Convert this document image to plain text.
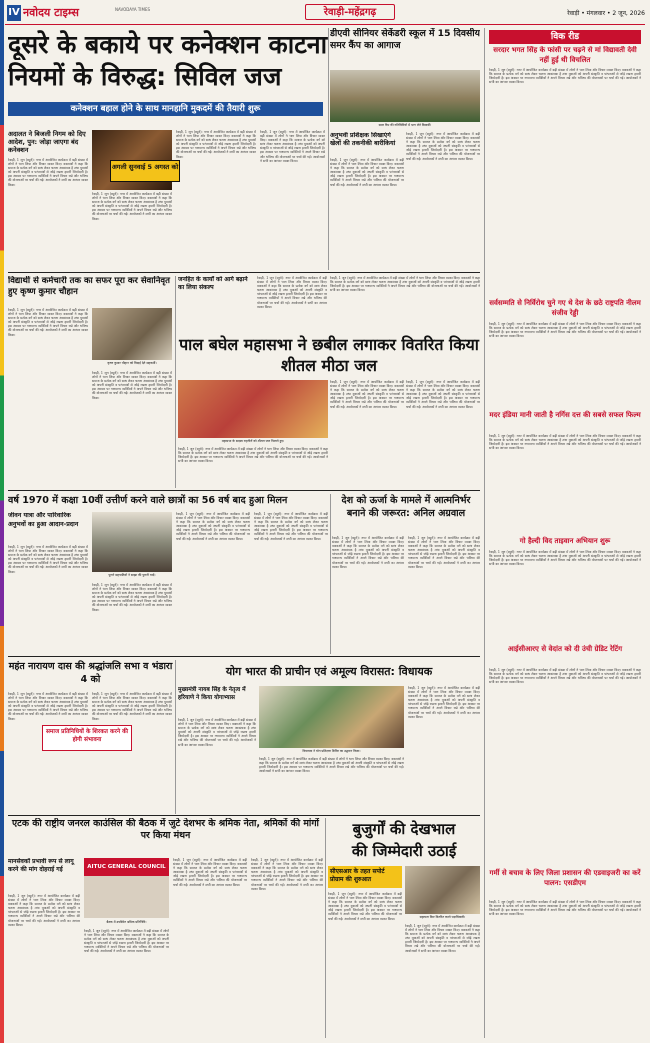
IV नवोदय टाइम्स	NAVODAYA TIMES	रेवाड़ी-महेंद्रगढ़	रेवाड़ी • मंगलवार • 2 जून, 2026
दूसरे के बकाये पर कनेक्शन काटना
नियमों के विरुद्ध: सिविल जज
कनेक्शन बहाल होने के साथ मानहानि मुकदमें की तैयारी शुरू
अदालत ने बिजली निगम को दिए आदेश, पुन: जोड़ा जाएगा बंद कनेक्शन
रेवाड़ी, 1 जून (ब्यूरो): नगर में आयोजित कार्यक्रम में बड़ी संख्या में लोगों ने भाग लिया और विचार व्यक्त किए। वक्ताओं ने कहा कि समाज के प्रत्येक वर्ग को साथ लेकर चलना आवश्यक है तथा युवाओं को अपनी संस्कृति व परंपराओं से जोड़े रखना हमारी जिम्मेदारी है। इस अवसर पर गणमान्य व्यक्तियों ने अपने विचार रखे और भविष्य की योजनाओं पर चर्चा की गई। आयोजकों ने सभी का आभार व्यक्त किया।
अगली सुनवाई 5 अगस्त को
रेवाड़ी, 1 जून (ब्यूरो): नगर में आयोजित कार्यक्रम में बड़ी संख्या में लोगों ने भाग लिया और विचार व्यक्त किए। वक्ताओं ने कहा कि समाज के प्रत्येक वर्ग को साथ लेकर चलना आवश्यक है तथा युवाओं को अपनी संस्कृति व परंपराओं से जोड़े रखना हमारी जिम्मेदारी है। इस अवसर पर गणमान्य व्यक्तियों ने अपने विचार रखे और भविष्य की योजनाओं पर चर्चा की गई। आयोजकों ने सभी का आभार व्यक्त किया।
रेवाड़ी, 1 जून (ब्यूरो): नगर में आयोजित कार्यक्रम में बड़ी संख्या में लोगों ने भाग लिया और विचार व्यक्त किए। वक्ताओं ने कहा कि समाज के प्रत्येक वर्ग को साथ लेकर चलना आवश्यक है तथा युवाओं को अपनी संस्कृति व परंपराओं से जोड़े रखना हमारी जिम्मेदारी है। इस अवसर पर गणमान्य व्यक्तियों ने अपने विचार रखे और भविष्य की योजनाओं पर चर्चा की गई। आयोजकों ने सभी का आभार व्यक्त किया।
रेवाड़ी, 1 जून (ब्यूरो): नगर में आयोजित कार्यक्रम में बड़ी संख्या में लोगों ने भाग लिया और विचार व्यक्त किए। वक्ताओं ने कहा कि समाज के प्रत्येक वर्ग को साथ लेकर चलना आवश्यक है तथा युवाओं को अपनी संस्कृति व परंपराओं से जोड़े रखना हमारी जिम्मेदारी है। इस अवसर पर गणमान्य व्यक्तियों ने अपने विचार रखे और भविष्य की योजनाओं पर चर्चा की गई। आयोजकों ने सभी का आभार व्यक्त किया।
डीएवी सीनियर सेकेंडरी स्कूल में 15 दिवसीय समर कैंप का आगाज
समर कैंप की गतिविधियों में भाग लेते विद्यार्थी।
अनुभवी प्रशिक्षक सिखाएंगे खेलों की तकनीकी बारीकियां
रेवाड़ी, 1 जून (ब्यूरो): नगर में आयोजित कार्यक्रम में बड़ी संख्या में लोगों ने भाग लिया और विचार व्यक्त किए। वक्ताओं ने कहा कि समाज के प्रत्येक वर्ग को साथ लेकर चलना आवश्यक है तथा युवाओं को अपनी संस्कृति व परंपराओं से जोड़े रखना हमारी जिम्मेदारी है। इस अवसर पर गणमान्य व्यक्तियों ने अपने विचार रखे और भविष्य की योजनाओं पर चर्चा की गई। आयोजकों ने सभी का आभार व्यक्त किया।
रेवाड़ी, 1 जून (ब्यूरो): नगर में आयोजित कार्यक्रम में बड़ी संख्या में लोगों ने भाग लिया और विचार व्यक्त किए। वक्ताओं ने कहा कि समाज के प्रत्येक वर्ग को साथ लेकर चलना आवश्यक है तथा युवाओं को अपनी संस्कृति व परंपराओं से जोड़े रखना हमारी जिम्मेदारी है। इस अवसर पर गणमान्य व्यक्तियों ने अपने विचार रखे और भविष्य की योजनाओं पर चर्चा की गई। आयोजकों ने सभी का आभार व्यक्त किया।
विक रीड
सरदार भगत सिंह के फांसी पर चढ़ने से मां विद्यावती देवी नहीं हुई थी विचलित
रेवाड़ी, 1 जून (ब्यूरो): नगर में आयोजित कार्यक्रम में बड़ी संख्या में लोगों ने भाग लिया और विचार व्यक्त किए। वक्ताओं ने कहा कि समाज के प्रत्येक वर्ग को साथ लेकर चलना आवश्यक है तथा युवाओं को अपनी संस्कृति व परंपराओं से जोड़े रखना हमारी जिम्मेदारी है। इस अवसर पर गणमान्य व्यक्तियों ने अपने विचार रखे और भविष्य की योजनाओं पर चर्चा की गई। आयोजकों ने सभी का आभार व्यक्त किया।
सर्वसम्मति से निर्विरोध चुने गए थे देश के छठे राष्ट्रपति नीलम संजीव रेड्डी
रेवाड़ी, 1 जून (ब्यूरो): नगर में आयोजित कार्यक्रम में बड़ी संख्या में लोगों ने भाग लिया और विचार व्यक्त किए। वक्ताओं ने कहा कि समाज के प्रत्येक वर्ग को साथ लेकर चलना आवश्यक है तथा युवाओं को अपनी संस्कृति व परंपराओं से जोड़े रखना हमारी जिम्मेदारी है। इस अवसर पर गणमान्य व्यक्तियों ने अपने विचार रखे और भविष्य की योजनाओं पर चर्चा की गई। आयोजकों ने सभी का आभार व्यक्त किया।
मदर इंडिया मानी जाती है नर्गिस दत्त की सबसे सफल फिल्म
रेवाड़ी, 1 जून (ब्यूरो): नगर में आयोजित कार्यक्रम में बड़ी संख्या में लोगों ने भाग लिया और विचार व्यक्त किए। वक्ताओं ने कहा कि समाज के प्रत्येक वर्ग को साथ लेकर चलना आवश्यक है तथा युवाओं को अपनी संस्कृति व परंपराओं से जोड़े रखना हमारी जिम्मेदारी है। इस अवसर पर गणमान्य व्यक्तियों ने अपने विचार रखे और भविष्य की योजनाओं पर चर्चा की गई। आयोजकों ने सभी का आभार व्यक्त किया।
गो हैल्दी विद ताइवान अभियान शुरू
रेवाड़ी, 1 जून (ब्यूरो): नगर में आयोजित कार्यक्रम में बड़ी संख्या में लोगों ने भाग लिया और विचार व्यक्त किए। वक्ताओं ने कहा कि समाज के प्रत्येक वर्ग को साथ लेकर चलना आवश्यक है तथा युवाओं को अपनी संस्कृति व परंपराओं से जोड़े रखना हमारी जिम्मेदारी है। इस अवसर पर गणमान्य व्यक्तियों ने अपने विचार रखे और भविष्य की योजनाओं पर चर्चा की गई। आयोजकों ने सभी का आभार व्यक्त किया।
आईसीआरए से वेदांत को दी उंची ग्रेडिट रेटिंग
रेवाड़ी, 1 जून (ब्यूरो): नगर में आयोजित कार्यक्रम में बड़ी संख्या में लोगों ने भाग लिया और विचार व्यक्त किए। वक्ताओं ने कहा कि समाज के प्रत्येक वर्ग को साथ लेकर चलना आवश्यक है तथा युवाओं को अपनी संस्कृति व परंपराओं से जोड़े रखना हमारी जिम्मेदारी है। इस अवसर पर गणमान्य व्यक्तियों ने अपने विचार रखे और भविष्य की योजनाओं पर चर्चा की गई। आयोजकों ने सभी का आभार व्यक्त किया।
गर्मी से बचाव के लिए जिला प्रशासन की एडवाइजरी का करें पालन: एसडीएम
रेवाड़ी, 1 जून (ब्यूरो): नगर में आयोजित कार्यक्रम में बड़ी संख्या में लोगों ने भाग लिया और विचार व्यक्त किए। वक्ताओं ने कहा कि समाज के प्रत्येक वर्ग को साथ लेकर चलना आवश्यक है तथा युवाओं को अपनी संस्कृति व परंपराओं से जोड़े रखना हमारी जिम्मेदारी है। इस अवसर पर गणमान्य व्यक्तियों ने अपने विचार रखे और भविष्य की योजनाओं पर चर्चा की गई। आयोजकों ने सभी का आभार व्यक्त किया।
विद्यार्थी से कर्मचारी तक का सफर पूरा कर सेवानिवृत हुए कृष्ण कुमार चौहान
रेवाड़ी, 1 जून (ब्यूरो): नगर में आयोजित कार्यक्रम में बड़ी संख्या में लोगों ने भाग लिया और विचार व्यक्त किए। वक्ताओं ने कहा कि समाज के प्रत्येक वर्ग को साथ लेकर चलना आवश्यक है तथा युवाओं को अपनी संस्कृति व परंपराओं से जोड़े रखना हमारी जिम्मेदारी है। इस अवसर पर गणमान्य व्यक्तियों ने अपने विचार रखे और भविष्य की योजनाओं पर चर्चा की गई। आयोजकों ने सभी का आभार व्यक्त किया।
कृष्ण कुमार चौहान को विदाई देते सहकर्मी।
रेवाड़ी, 1 जून (ब्यूरो): नगर में आयोजित कार्यक्रम में बड़ी संख्या में लोगों ने भाग लिया और विचार व्यक्त किए। वक्ताओं ने कहा कि समाज के प्रत्येक वर्ग को साथ लेकर चलना आवश्यक है तथा युवाओं को अपनी संस्कृति व परंपराओं से जोड़े रखना हमारी जिम्मेदारी है। इस अवसर पर गणमान्य व्यक्तियों ने अपने विचार रखे और भविष्य की योजनाओं पर चर्चा की गई। आयोजकों ने सभी का आभार व्यक्त किया।
पाल बघेल महासभा ने छबील लगाकर वितरित किया शीतल मीठा जल
महासभा के सदस्य राहगीरों को शीतल जल पिलाते हुए।
जनहित के कार्यों को आगे बढ़ाने का लिया संकल्प
रेवाड़ी, 1 जून (ब्यूरो): नगर में आयोजित कार्यक्रम में बड़ी संख्या में लोगों ने भाग लिया और विचार व्यक्त किए। वक्ताओं ने कहा कि समाज के प्रत्येक वर्ग को साथ लेकर चलना आवश्यक है तथा युवाओं को अपनी संस्कृति व परंपराओं से जोड़े रखना हमारी जिम्मेदारी है। इस अवसर पर गणमान्य व्यक्तियों ने अपने विचार रखे और भविष्य की योजनाओं पर चर्चा की गई। आयोजकों ने सभी का आभार व्यक्त किया।
रेवाड़ी, 1 जून (ब्यूरो): नगर में आयोजित कार्यक्रम में बड़ी संख्या में लोगों ने भाग लिया और विचार व्यक्त किए। वक्ताओं ने कहा कि समाज के प्रत्येक वर्ग को साथ लेकर चलना आवश्यक है तथा युवाओं को अपनी संस्कृति व परंपराओं से जोड़े रखना हमारी जिम्मेदारी है। इस अवसर पर गणमान्य व्यक्तियों ने अपने विचार रखे और भविष्य की योजनाओं पर चर्चा की गई। आयोजकों ने सभी का आभार व्यक्त किया।
रेवाड़ी, 1 जून (ब्यूरो): नगर में आयोजित कार्यक्रम में बड़ी संख्या में लोगों ने भाग लिया और विचार व्यक्त किए। वक्ताओं ने कहा कि समाज के प्रत्येक वर्ग को साथ लेकर चलना आवश्यक है तथा युवाओं को अपनी संस्कृति व परंपराओं से जोड़े रखना हमारी जिम्मेदारी है। इस अवसर पर गणमान्य व्यक्तियों ने अपने विचार रखे और भविष्य की योजनाओं पर चर्चा की गई। आयोजकों ने सभी का आभार व्यक्त किया।
रेवाड़ी, 1 जून (ब्यूरो): नगर में आयोजित कार्यक्रम में बड़ी संख्या में लोगों ने भाग लिया और विचार व्यक्त किए। वक्ताओं ने कहा कि समाज के प्रत्येक वर्ग को साथ लेकर चलना आवश्यक है तथा युवाओं को अपनी संस्कृति व परंपराओं से जोड़े रखना हमारी जिम्मेदारी है। इस अवसर पर गणमान्य व्यक्तियों ने अपने विचार रखे और भविष्य की योजनाओं पर चर्चा की गई। आयोजकों ने सभी का आभार व्यक्त किया।
रेवाड़ी, 1 जून (ब्यूरो): नगर में आयोजित कार्यक्रम में बड़ी संख्या में लोगों ने भाग लिया और विचार व्यक्त किए। वक्ताओं ने कहा कि समाज के प्रत्येक वर्ग को साथ लेकर चलना आवश्यक है तथा युवाओं को अपनी संस्कृति व परंपराओं से जोड़े रखना हमारी जिम्मेदारी है। इस अवसर पर गणमान्य व्यक्तियों ने अपने विचार रखे और भविष्य की योजनाओं पर चर्चा की गई। आयोजकों ने सभी का आभार व्यक्त किया।
वर्ष 1970 में कक्षा 10वीं उत्तीर्ण करने वाले छात्रों का 56 वर्ष बाद हुआ मिलन
जीवन यात्रा और पारिवारिक अनुभवों का हुआ आदान-प्रदान
रेवाड़ी, 1 जून (ब्यूरो): नगर में आयोजित कार्यक्रम में बड़ी संख्या में लोगों ने भाग लिया और विचार व्यक्त किए। वक्ताओं ने कहा कि समाज के प्रत्येक वर्ग को साथ लेकर चलना आवश्यक है तथा युवाओं को अपनी संस्कृति व परंपराओं से जोड़े रखना हमारी जिम्मेदारी है। इस अवसर पर गणमान्य व्यक्तियों ने अपने विचार रखे और भविष्य की योजनाओं पर चर्चा की गई। आयोजकों ने सभी का आभार व्यक्त किया।
पुराने सहपाठियों ने साझा की पुरानी यादें।
रेवाड़ी, 1 जून (ब्यूरो): नगर में आयोजित कार्यक्रम में बड़ी संख्या में लोगों ने भाग लिया और विचार व्यक्त किए। वक्ताओं ने कहा कि समाज के प्रत्येक वर्ग को साथ लेकर चलना आवश्यक है तथा युवाओं को अपनी संस्कृति व परंपराओं से जोड़े रखना हमारी जिम्मेदारी है। इस अवसर पर गणमान्य व्यक्तियों ने अपने विचार रखे और भविष्य की योजनाओं पर चर्चा की गई। आयोजकों ने सभी का आभार व्यक्त किया।
रेवाड़ी, 1 जून (ब्यूरो): नगर में आयोजित कार्यक्रम में बड़ी संख्या में लोगों ने भाग लिया और विचार व्यक्त किए। वक्ताओं ने कहा कि समाज के प्रत्येक वर्ग को साथ लेकर चलना आवश्यक है तथा युवाओं को अपनी संस्कृति व परंपराओं से जोड़े रखना हमारी जिम्मेदारी है। इस अवसर पर गणमान्य व्यक्तियों ने अपने विचार रखे और भविष्य की योजनाओं पर चर्चा की गई। आयोजकों ने सभी का आभार व्यक्त किया।
रेवाड़ी, 1 जून (ब्यूरो): नगर में आयोजित कार्यक्रम में बड़ी संख्या में लोगों ने भाग लिया और विचार व्यक्त किए। वक्ताओं ने कहा कि समाज के प्रत्येक वर्ग को साथ लेकर चलना आवश्यक है तथा युवाओं को अपनी संस्कृति व परंपराओं से जोड़े रखना हमारी जिम्मेदारी है। इस अवसर पर गणमान्य व्यक्तियों ने अपने विचार रखे और भविष्य की योजनाओं पर चर्चा की गई। आयोजकों ने सभी का आभार व्यक्त किया।
देश को ऊर्जा के मामले में आत्मनिर्भर बनाने की जरूरत: अनिल अग्रवाल
रेवाड़ी, 1 जून (ब्यूरो): नगर में आयोजित कार्यक्रम में बड़ी संख्या में लोगों ने भाग लिया और विचार व्यक्त किए। वक्ताओं ने कहा कि समाज के प्रत्येक वर्ग को साथ लेकर चलना आवश्यक है तथा युवाओं को अपनी संस्कृति व परंपराओं से जोड़े रखना हमारी जिम्मेदारी है। इस अवसर पर गणमान्य व्यक्तियों ने अपने विचार रखे और भविष्य की योजनाओं पर चर्चा की गई। आयोजकों ने सभी का आभार व्यक्त किया।
रेवाड़ी, 1 जून (ब्यूरो): नगर में आयोजित कार्यक्रम में बड़ी संख्या में लोगों ने भाग लिया और विचार व्यक्त किए। वक्ताओं ने कहा कि समाज के प्रत्येक वर्ग को साथ लेकर चलना आवश्यक है तथा युवाओं को अपनी संस्कृति व परंपराओं से जोड़े रखना हमारी जिम्मेदारी है। इस अवसर पर गणमान्य व्यक्तियों ने अपने विचार रखे और भविष्य की योजनाओं पर चर्चा की गई। आयोजकों ने सभी का आभार व्यक्त किया।
महंत नारायण दास की श्रद्धांजलि सभा व भंडारा 4 को
रेवाड़ी, 1 जून (ब्यूरो): नगर में आयोजित कार्यक्रम में बड़ी संख्या में लोगों ने भाग लिया और विचार व्यक्त किए। वक्ताओं ने कहा कि समाज के प्रत्येक वर्ग को साथ लेकर चलना आवश्यक है तथा युवाओं को अपनी संस्कृति व परंपराओं से जोड़े रखना हमारी जिम्मेदारी है। इस अवसर पर गणमान्य व्यक्तियों ने अपने विचार रखे और भविष्य की योजनाओं पर चर्चा की गई। आयोजकों ने सभी का आभार व्यक्त किया।
समाज प्रतिनिधियों के शिरकत करने की होगी संभावना
रेवाड़ी, 1 जून (ब्यूरो): नगर में आयोजित कार्यक्रम में बड़ी संख्या में लोगों ने भाग लिया और विचार व्यक्त किए। वक्ताओं ने कहा कि समाज के प्रत्येक वर्ग को साथ लेकर चलना आवश्यक है तथा युवाओं को अपनी संस्कृति व परंपराओं से जोड़े रखना हमारी जिम्मेदारी है। इस अवसर पर गणमान्य व्यक्तियों ने अपने विचार रखे और भविष्य की योजनाओं पर चर्चा की गई। आयोजकों ने सभी का आभार व्यक्त किया।
योग भारत की प्राचीन एवं अमूल्य विरासत: विधायक
मुख्यमंत्री नायब सिंह के नेतृत्व में हरियाणे ने किया योगाभ्यास
रेवाड़ी, 1 जून (ब्यूरो): नगर में आयोजित कार्यक्रम में बड़ी संख्या में लोगों ने भाग लिया और विचार व्यक्त किए। वक्ताओं ने कहा कि समाज के प्रत्येक वर्ग को साथ लेकर चलना आवश्यक है तथा युवाओं को अपनी संस्कृति व परंपराओं से जोड़े रखना हमारी जिम्मेदारी है। इस अवसर पर गणमान्य व्यक्तियों ने अपने विचार रखे और भविष्य की योजनाओं पर चर्चा की गई। आयोजकों ने सभी का आभार व्यक्त किया।
विधायक ने योग प्रशिक्षण शिविर का उद्घाटन किया।
रेवाड़ी, 1 जून (ब्यूरो): नगर में आयोजित कार्यक्रम में बड़ी संख्या में लोगों ने भाग लिया और विचार व्यक्त किए। वक्ताओं ने कहा कि समाज के प्रत्येक वर्ग को साथ लेकर चलना आवश्यक है तथा युवाओं को अपनी संस्कृति व परंपराओं से जोड़े रखना हमारी जिम्मेदारी है। इस अवसर पर गणमान्य व्यक्तियों ने अपने विचार रखे और भविष्य की योजनाओं पर चर्चा की गई। आयोजकों ने सभी का आभार व्यक्त किया।
रेवाड़ी, 1 जून (ब्यूरो): नगर में आयोजित कार्यक्रम में बड़ी संख्या में लोगों ने भाग लिया और विचार व्यक्त किए। वक्ताओं ने कहा कि समाज के प्रत्येक वर्ग को साथ लेकर चलना आवश्यक है तथा युवाओं को अपनी संस्कृति व परंपराओं से जोड़े रखना हमारी जिम्मेदारी है। इस अवसर पर गणमान्य व्यक्तियों ने अपने विचार रखे और भविष्य की योजनाओं पर चर्चा की गई। आयोजकों ने सभी का आभार व्यक्त किया।
एटक की राष्ट्रीय जनरल काउंसिल की बैठक में जुटे देशभर के श्रमिक नेता, श्रमिकों की मांगों पर किया मंथन
मानसेवकों प्रभावी रूप से लागू करने की मांग दोहराई गई
रेवाड़ी, 1 जून (ब्यूरो): नगर में आयोजित कार्यक्रम में बड़ी संख्या में लोगों ने भाग लिया और विचार व्यक्त किए। वक्ताओं ने कहा कि समाज के प्रत्येक वर्ग को साथ लेकर चलना आवश्यक है तथा युवाओं को अपनी संस्कृति व परंपराओं से जोड़े रखना हमारी जिम्मेदारी है। इस अवसर पर गणमान्य व्यक्तियों ने अपने विचार रखे और भविष्य की योजनाओं पर चर्चा की गई। आयोजकों ने सभी का आभार व्यक्त किया।
AITUC GENERAL COUNCIL
बैठक में उपस्थित श्रमिक प्रतिनिधि।
रेवाड़ी, 1 जून (ब्यूरो): नगर में आयोजित कार्यक्रम में बड़ी संख्या में लोगों ने भाग लिया और विचार व्यक्त किए। वक्ताओं ने कहा कि समाज के प्रत्येक वर्ग को साथ लेकर चलना आवश्यक है तथा युवाओं को अपनी संस्कृति व परंपराओं से जोड़े रखना हमारी जिम्मेदारी है। इस अवसर पर गणमान्य व्यक्तियों ने अपने विचार रखे और भविष्य की योजनाओं पर चर्चा की गई। आयोजकों ने सभी का आभार व्यक्त किया।
रेवाड़ी, 1 जून (ब्यूरो): नगर में आयोजित कार्यक्रम में बड़ी संख्या में लोगों ने भाग लिया और विचार व्यक्त किए। वक्ताओं ने कहा कि समाज के प्रत्येक वर्ग को साथ लेकर चलना आवश्यक है तथा युवाओं को अपनी संस्कृति व परंपराओं से जोड़े रखना हमारी जिम्मेदारी है। इस अवसर पर गणमान्य व्यक्तियों ने अपने विचार रखे और भविष्य की योजनाओं पर चर्चा की गई। आयोजकों ने सभी का आभार व्यक्त किया।
रेवाड़ी, 1 जून (ब्यूरो): नगर में आयोजित कार्यक्रम में बड़ी संख्या में लोगों ने भाग लिया और विचार व्यक्त किए। वक्ताओं ने कहा कि समाज के प्रत्येक वर्ग को साथ लेकर चलना आवश्यक है तथा युवाओं को अपनी संस्कृति व परंपराओं से जोड़े रखना हमारी जिम्मेदारी है। इस अवसर पर गणमान्य व्यक्तियों ने अपने विचार रखे और भविष्य की योजनाओं पर चर्चा की गई। आयोजकों ने सभी का आभार व्यक्त किया।
बुजुर्गों की देखभाल
की जिम्मेदारी उठाई
सीएसआर के तहत सपोर्ट प्रोग्राम की शुरुआत
सहायता किट वितरित करते पदाधिकारी।
रेवाड़ी, 1 जून (ब्यूरो): नगर में आयोजित कार्यक्रम में बड़ी संख्या में लोगों ने भाग लिया और विचार व्यक्त किए। वक्ताओं ने कहा कि समाज के प्रत्येक वर्ग को साथ लेकर चलना आवश्यक है तथा युवाओं को अपनी संस्कृति व परंपराओं से जोड़े रखना हमारी जिम्मेदारी है। इस अवसर पर गणमान्य व्यक्तियों ने अपने विचार रखे और भविष्य की योजनाओं पर चर्चा की गई। आयोजकों ने सभी का आभार व्यक्त किया।
रेवाड़ी, 1 जून (ब्यूरो): नगर में आयोजित कार्यक्रम में बड़ी संख्या में लोगों ने भाग लिया और विचार व्यक्त किए। वक्ताओं ने कहा कि समाज के प्रत्येक वर्ग को साथ लेकर चलना आवश्यक है तथा युवाओं को अपनी संस्कृति व परंपराओं से जोड़े रखना हमारी जिम्मेदारी है। इस अवसर पर गणमान्य व्यक्तियों ने अपने विचार रखे और भविष्य की योजनाओं पर चर्चा की गई। आयोजकों ने सभी का आभार व्यक्त किया।
